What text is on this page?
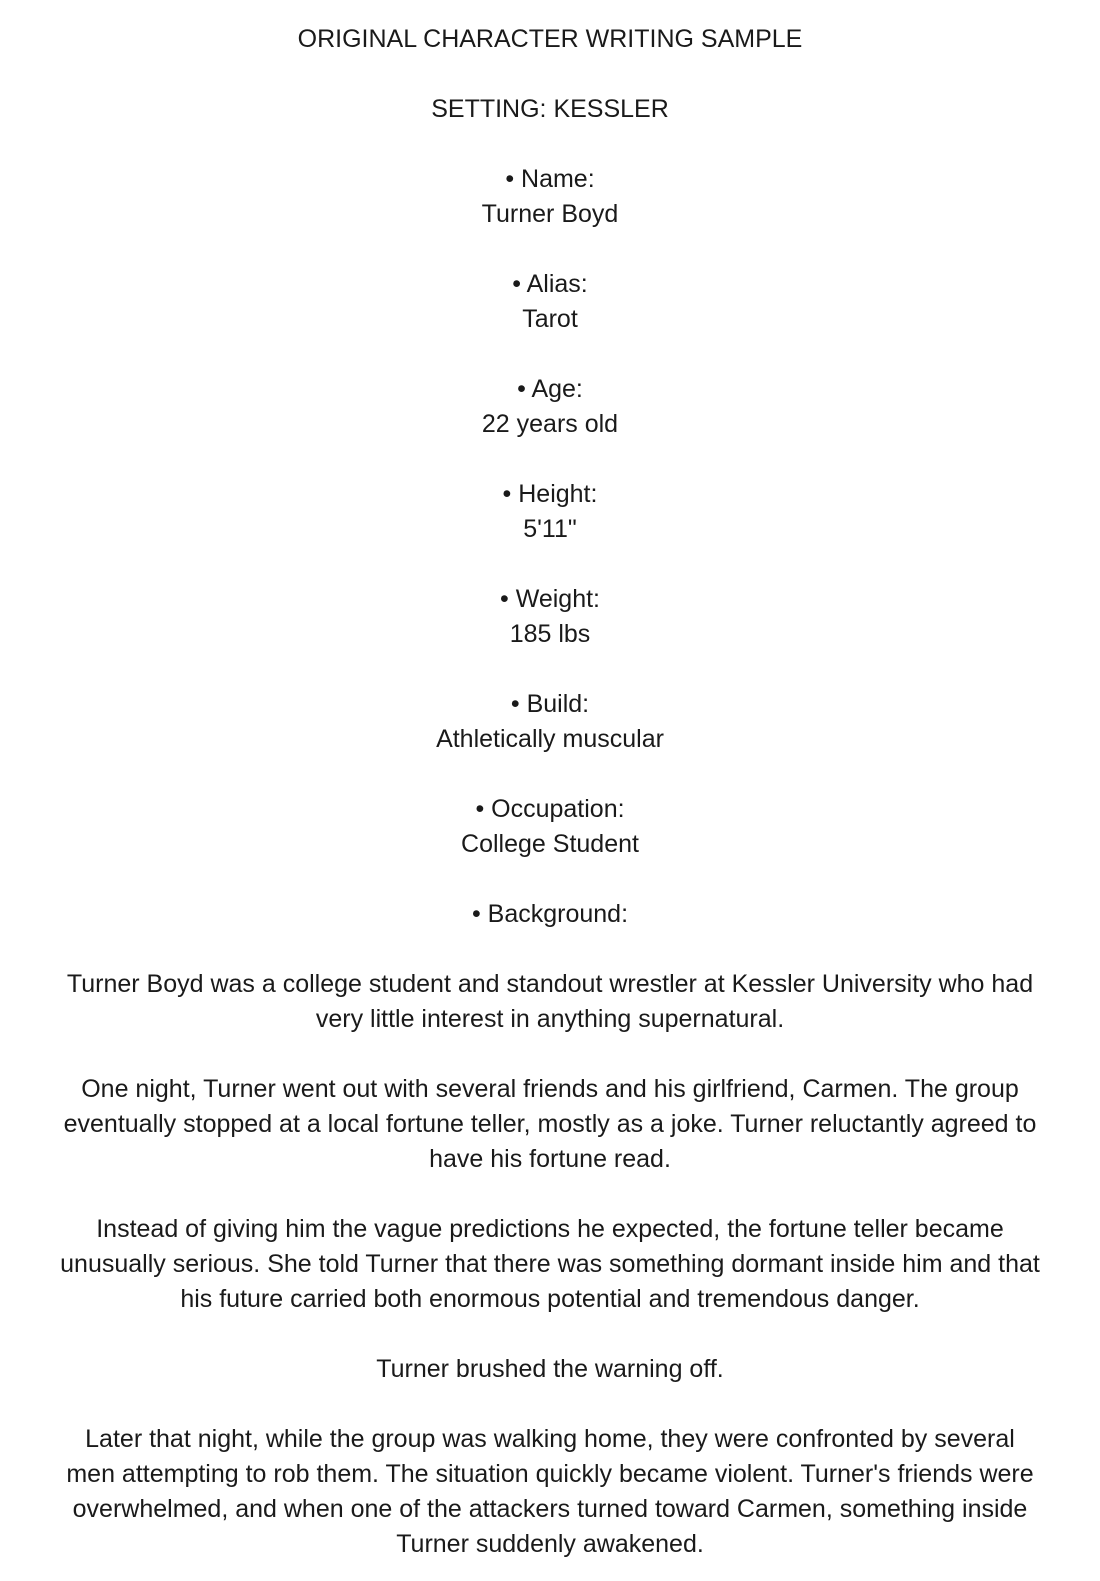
ORIGINAL CHARACTER WRITING SAMPLE
SETTING: KESSLER
• Name:
Turner Boyd
• Alias:
Tarot
• Age:
22 years old
• Height:
5'11"
• Weight:
185 lbs
• Build:
Athletically muscular
• Occupation:
College Student
• Background:
Turner Boyd was a college student and standout wrestler at Kessler University who had
very little interest in anything supernatural.
One night, Turner went out with several friends and his girlfriend, Carmen. The group
eventually stopped at a local fortune teller, mostly as a joke. Turner reluctantly agreed to
have his fortune read.
Instead of giving him the vague predictions he expected, the fortune teller became
unusually serious. She told Turner that there was something dormant inside him and that
his future carried both enormous potential and tremendous danger.
Turner brushed the warning off.
Later that night, while the group was walking home, they were confronted by several
men attempting to rob them. The situation quickly became violent. Turner's friends were
overwhelmed, and when one of the attackers turned toward Carmen, something inside
Turner suddenly awakened.
